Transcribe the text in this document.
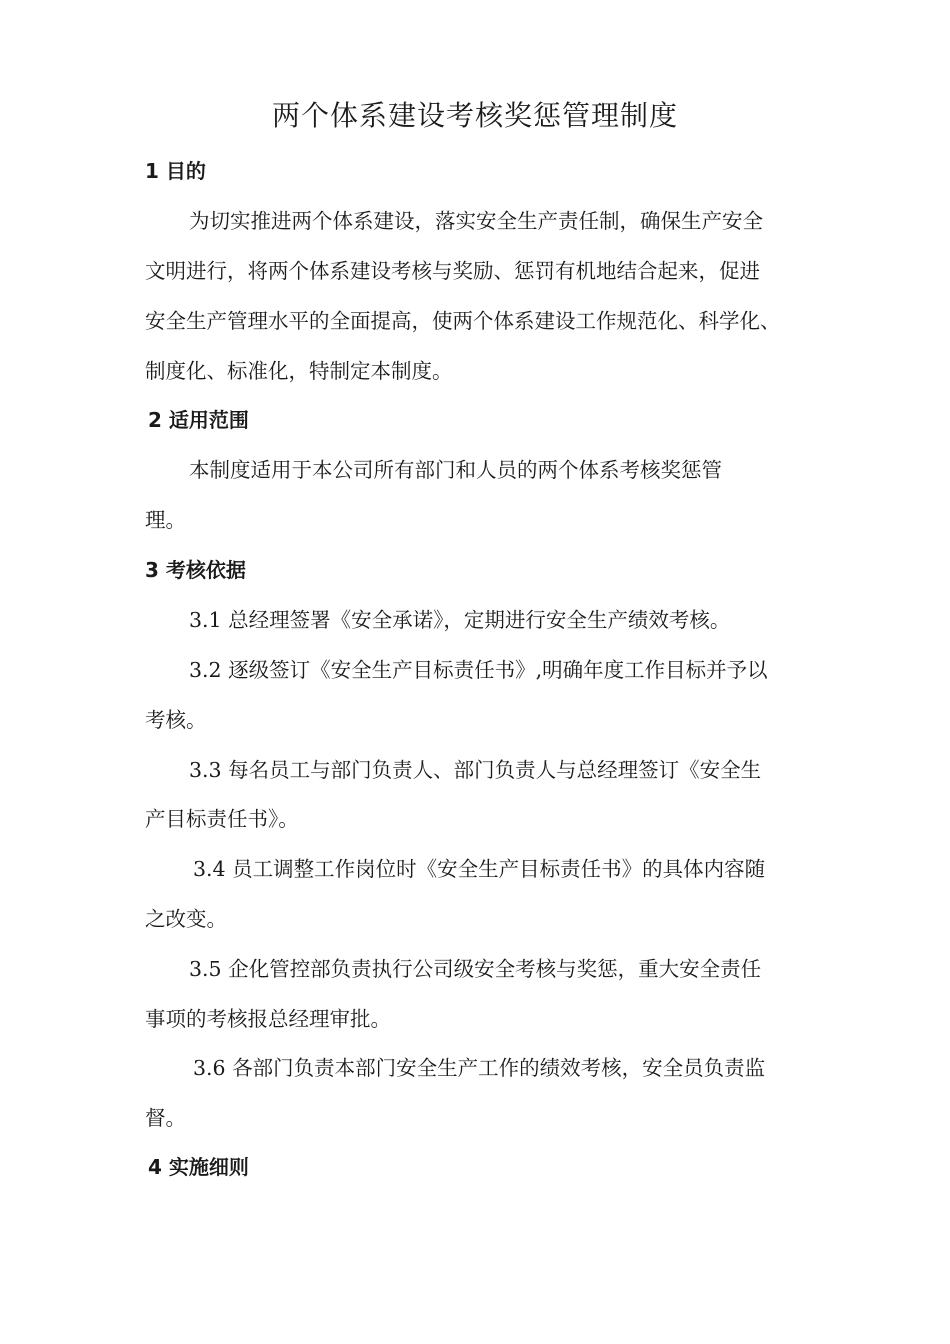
两个体系建设考核奖惩管理制度
1 目的
为切实推进两个体系建设，落实安全生产责任制，确保生产安全
文明进行，将两个体系建设考核与奖励、惩罚有机地结合起来，促进
安全生产管理水平的全面提高，使两个体系建设工作规范化、科学化、
制度化、标准化，特制定本制度。
2 适用范围
本制度适用于本公司所有部门和人员的两个体系考核奖惩管
理。
3 考核依据
3.1 总经理签署《安全承诺》，定期进行安全生产绩效考核。
3.2 逐级签订《安全生产目标责任书》,明确年度工作目标并予以
考核。
3.3 每名员工与部门负责人、部门负责人与总经理签订《安全生
产目标责任书》。
3.4 员工调整工作岗位时《安全生产目标责任书》的具体内容随
之改变。
3.5 企化管控部负责执行公司级安全考核与奖惩，重大安全责任
事项的考核报总经理审批。
3.6 各部门负责本部门安全生产工作的绩效考核，安全员负责监
督。
4 实施细则
